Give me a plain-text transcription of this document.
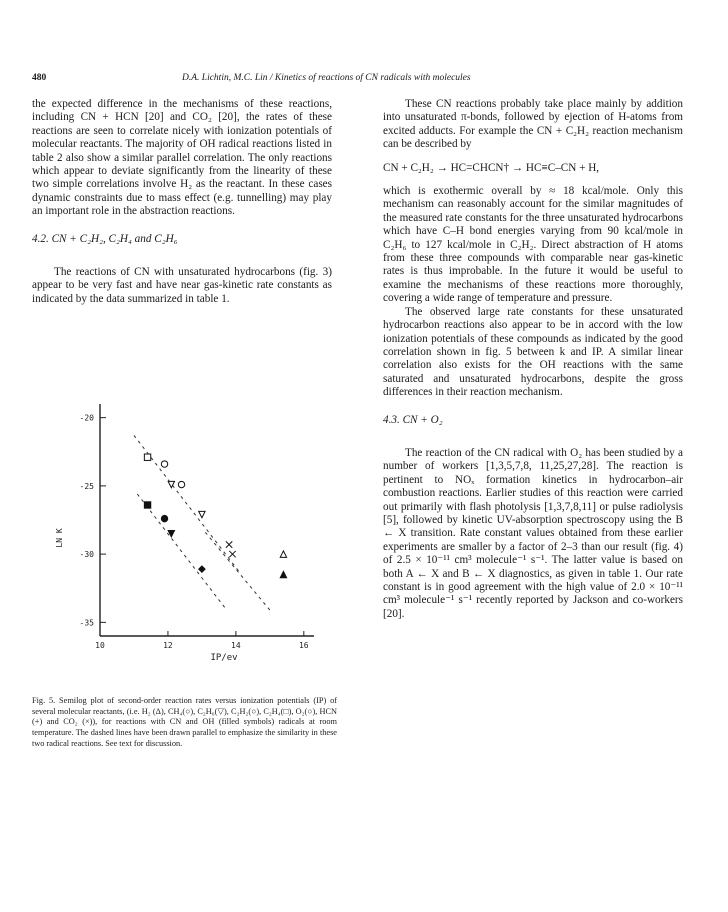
480	D.A. Lichtin, M.C. Lin / Kinetics of reactions of CN radicals with molecules

the expected difference in the mechanisms of these reactions, including CN + HCN [20] and CO₂ [20], the rates of these reactions are seen to correlate nicely with ionization potentials of molecular reactants. The majority of OH radical reactions listed in table 2 also show a similar parallel correlation. The only reactions which appear to deviate significantly from the linearity of these two simple correlations involve H₂ as the reactant. In these cases dynamic constraints due to mass effect (e.g. tunnelling) may play an important role in the abstraction reactions.

4.2. CN + C₂H₂, C₂H₄ and C₂H₆

The reactions of CN with unsaturated hydrocarbons (fig. 3) appear to be very fast and have near gas-kinetic rate constants as indicated by the data summarized in table 1.

10	12	14	16
-20
-25
-30
-35
LN K
IP/ev

Fig. 5. Semilog plot of second-order reaction rates versus ionization potentials (IP) of several molecular reactants, (i.e. H₂ (Δ), CH₄(○), C₂H₆(▽), C₂H₂(○), C₂H₄(□), O₂(○), HCN (+) and CO₂ (×)), for reactions with CN and OH (filled symbols) radicals at room temperature. The dashed lines have been drawn parallel to emphasize the similarity in these two radical reactions. See text for discussion.

These CN reactions probably take place mainly by addition into unsaturated π-bonds, followed by ejection of H-atoms from excited adducts. For example the CN + C₂H₂ reaction mechanism can be described by

CN + C₂H₂ → HC=CHCN† → HC≡C–CN + H,

which is exothermic overall by ≈ 18 kcal/mole. Only this mechanism can reasonably account for the similar magnitudes of the measured rate constants for the three unsaturated hydrocarbons which have C–H bond energies varying from 90 kcal/mole in C₂H₆ to 127 kcal/mole in C₂H₂. Direct abstraction of H atoms from these three compounds with comparable near gas-kinetic rates is thus improbable. In the future it would be useful to examine the mechanisms of these reactions more thoroughly, covering a wide range of temperature and pressure.

The observed large rate constants for these unsaturated hydrocarbon reactions also appear to be in accord with the low ionization potentials of these compounds as indicated by the good correlation shown in fig. 5 between k and IP. A similar linear correlation also exists for the OH reactions with the same saturated and unsaturated hydrocarbons, despite the gross differences in their reaction mechanism.

4.3. CN + O₂

The reaction of the CN radical with O₂ has been studied by a number of workers [1,3,5,7,8, 11,25,27,28]. The reaction is pertinent to NOₓ formation kinetics in hydrocarbon–air combustion reactions. Earlier studies of this reaction were carried out primarily with flash photolysis [1,3,7,8,11] or pulse radiolysis [5], followed by kinetic UV-absorption spectroscopy using the B ← X transition. Rate constant values obtained from these earlier experiments are smaller by a factor of 2–3 than our result (fig. 4) of 2.5 × 10⁻¹¹ cm³ molecule⁻¹ s⁻¹. The latter value is based on both A ← X and B ← X diagnostics, as given in table 1. Our rate constant is in good agreement with the high value of 2.0 × 10⁻¹¹ cm³ molecule⁻¹ s⁻¹ recently reported by Jackson and co-workers [20].
